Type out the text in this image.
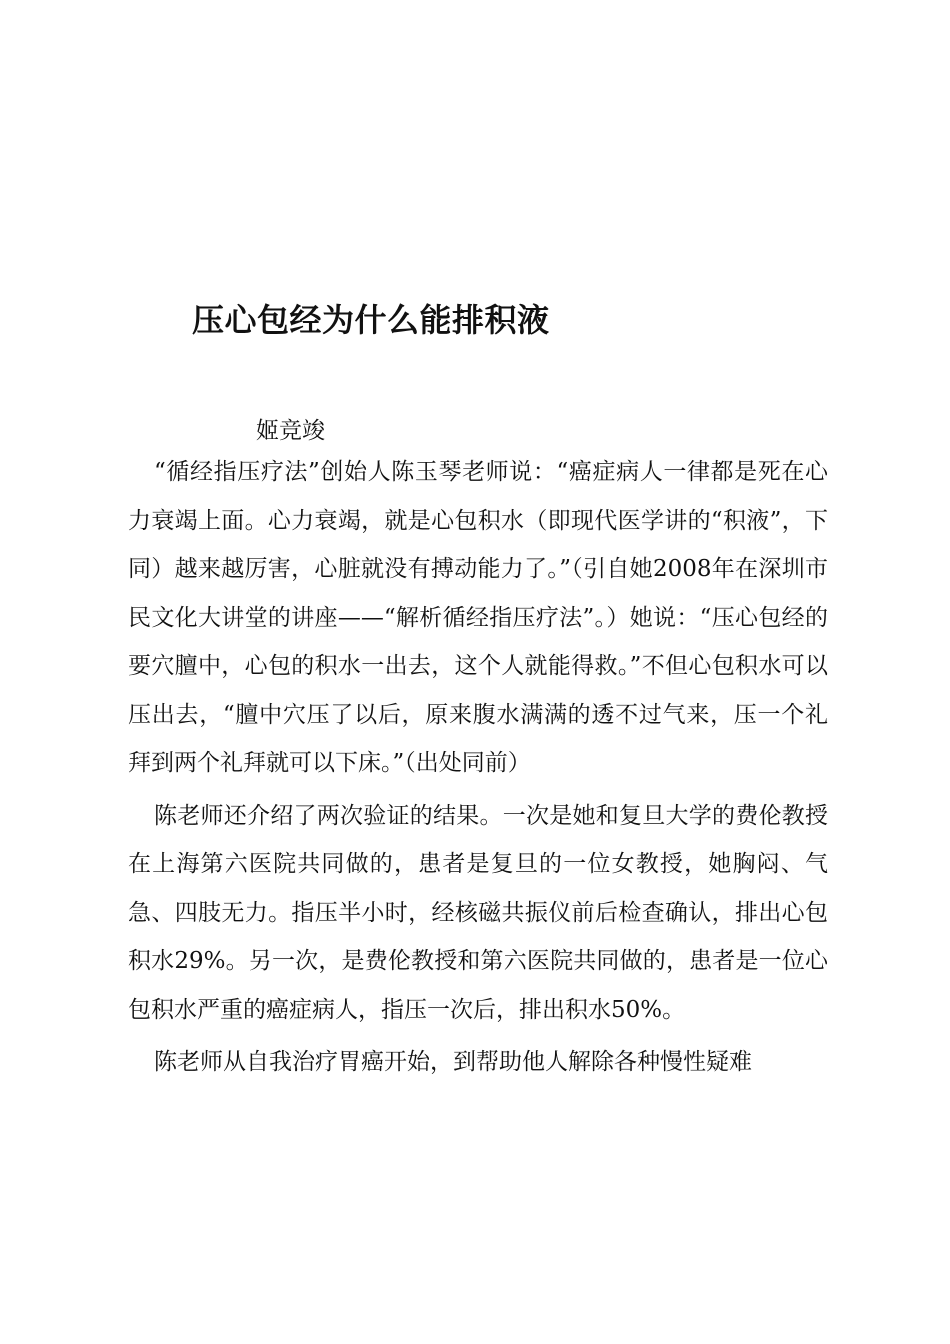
压心包经为什么能排积液
姬竞竣

“循经指压疗法”创始人陈玉琴老师说：“癌症病人一律都是死在心力衰竭上面。心力衰竭，就是心包积水（即现代医学讲的“积液”，下同）越来越厉害，心脏就没有搏动能力了。”（引自她2008年在深圳市民文化大讲堂的讲座——“解析循经指压疗法”。）她说：“压心包经的要穴膻中，心包的积水一出去，这个人就能得救。”不但心包积水可以压出去，“膻中穴压了以后，原来腹水满满的透不过气来，压一个礼拜到两个礼拜就可以下床。”（出处同前）

陈老师还介绍了两次验证的结果。一次是她和复旦大学的费伦教授在上海第六医院共同做的，患者是复旦的一位女教授，她胸闷、气急、四肢无力。指压半小时，经核磁共振仪前后检查确认，排出心包积水29%。另一次，是费伦教授和第六医院共同做的，患者是一位心包积水严重的癌症病人，指压一次后，排出积水50%。

陈老师从自我治疗胃癌开始，到帮助他人解除各种慢性疑难
